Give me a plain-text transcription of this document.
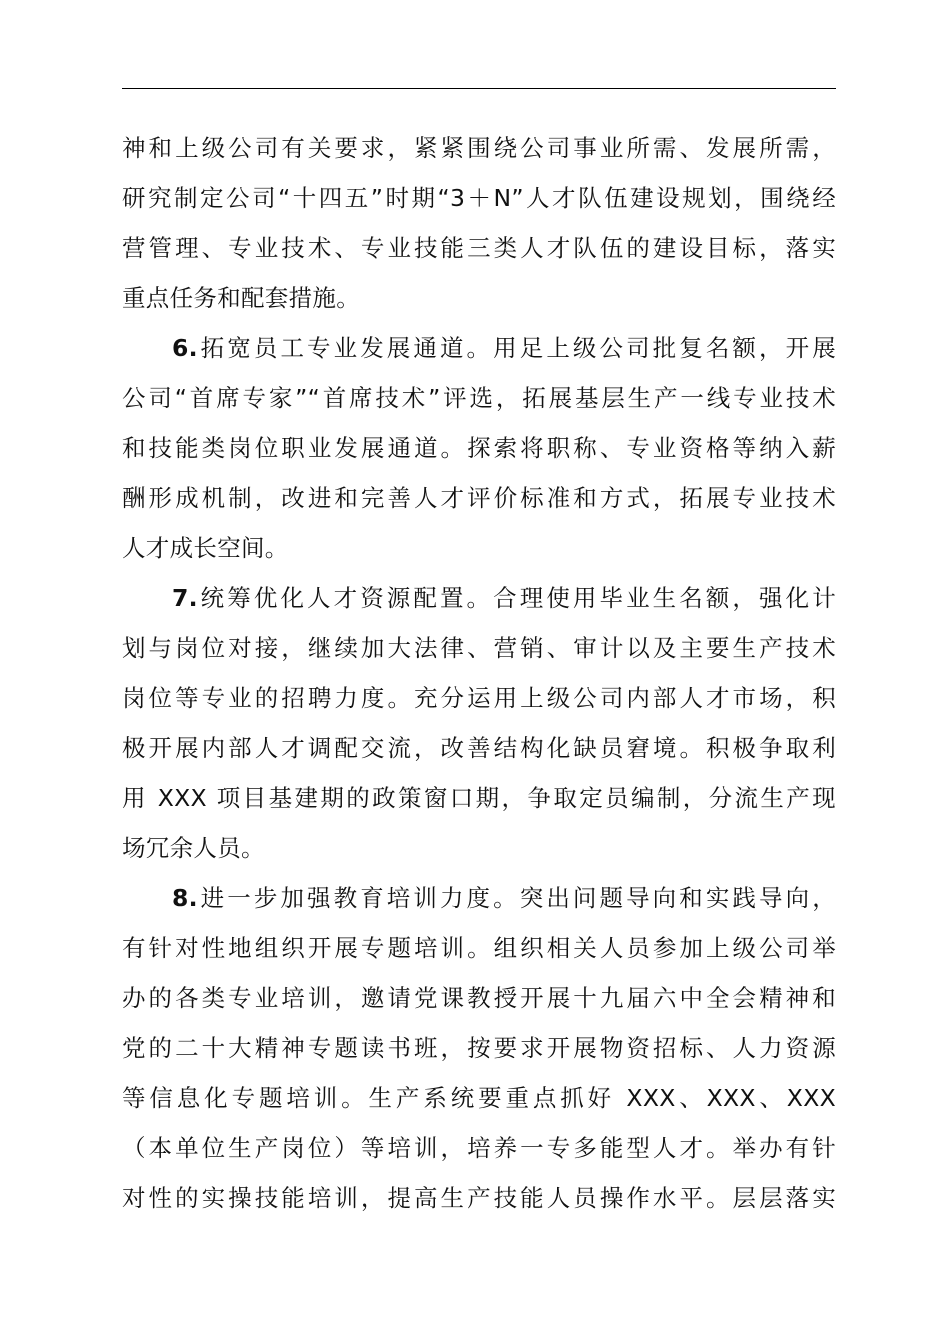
神和上级公司有关要求，紧紧围绕公司事业所需、发展所需，
研究制定公司“十四五”时期“3＋N”人才队伍建设规划，围绕经
营管理、专业技术、专业技能三类人才队伍的建设目标，落实
重点任务和配套措施。
6.拓宽员工专业发展通道。用足上级公司批复名额，开展
公司“首席专家”“首席技术”评选，拓展基层生产一线专业技术
和技能类岗位职业发展通道。探索将职称、专业资格等纳入薪
酬形成机制，改进和完善人才评价标准和方式，拓展专业技术
人才成长空间。
7.统筹优化人才资源配置。合理使用毕业生名额，强化计
划与岗位对接，继续加大法律、营销、审计以及主要生产技术
岗位等专业的招聘力度。充分运用上级公司内部人才市场，积
极开展内部人才调配交流，改善结构化缺员窘境。积极争取利
用 XXX 项目基建期的政策窗口期，争取定员编制，分流生产现
场冗余人员。
8.进一步加强教育培训力度。突出问题导向和实践导向，
有针对性地组织开展专题培训。组织相关人员参加上级公司举
办的各类专业培训，邀请党课教授开展十九届六中全会精神和
党的二十大精神专题读书班，按要求开展物资招标、人力资源
等信息化专题培训。生产系统要重点抓好 XXX、XXX、XXX
（本单位生产岗位）等培训，培养一专多能型人才。举办有针
对性的实操技能培训，提高生产技能人员操作水平。层层落实
